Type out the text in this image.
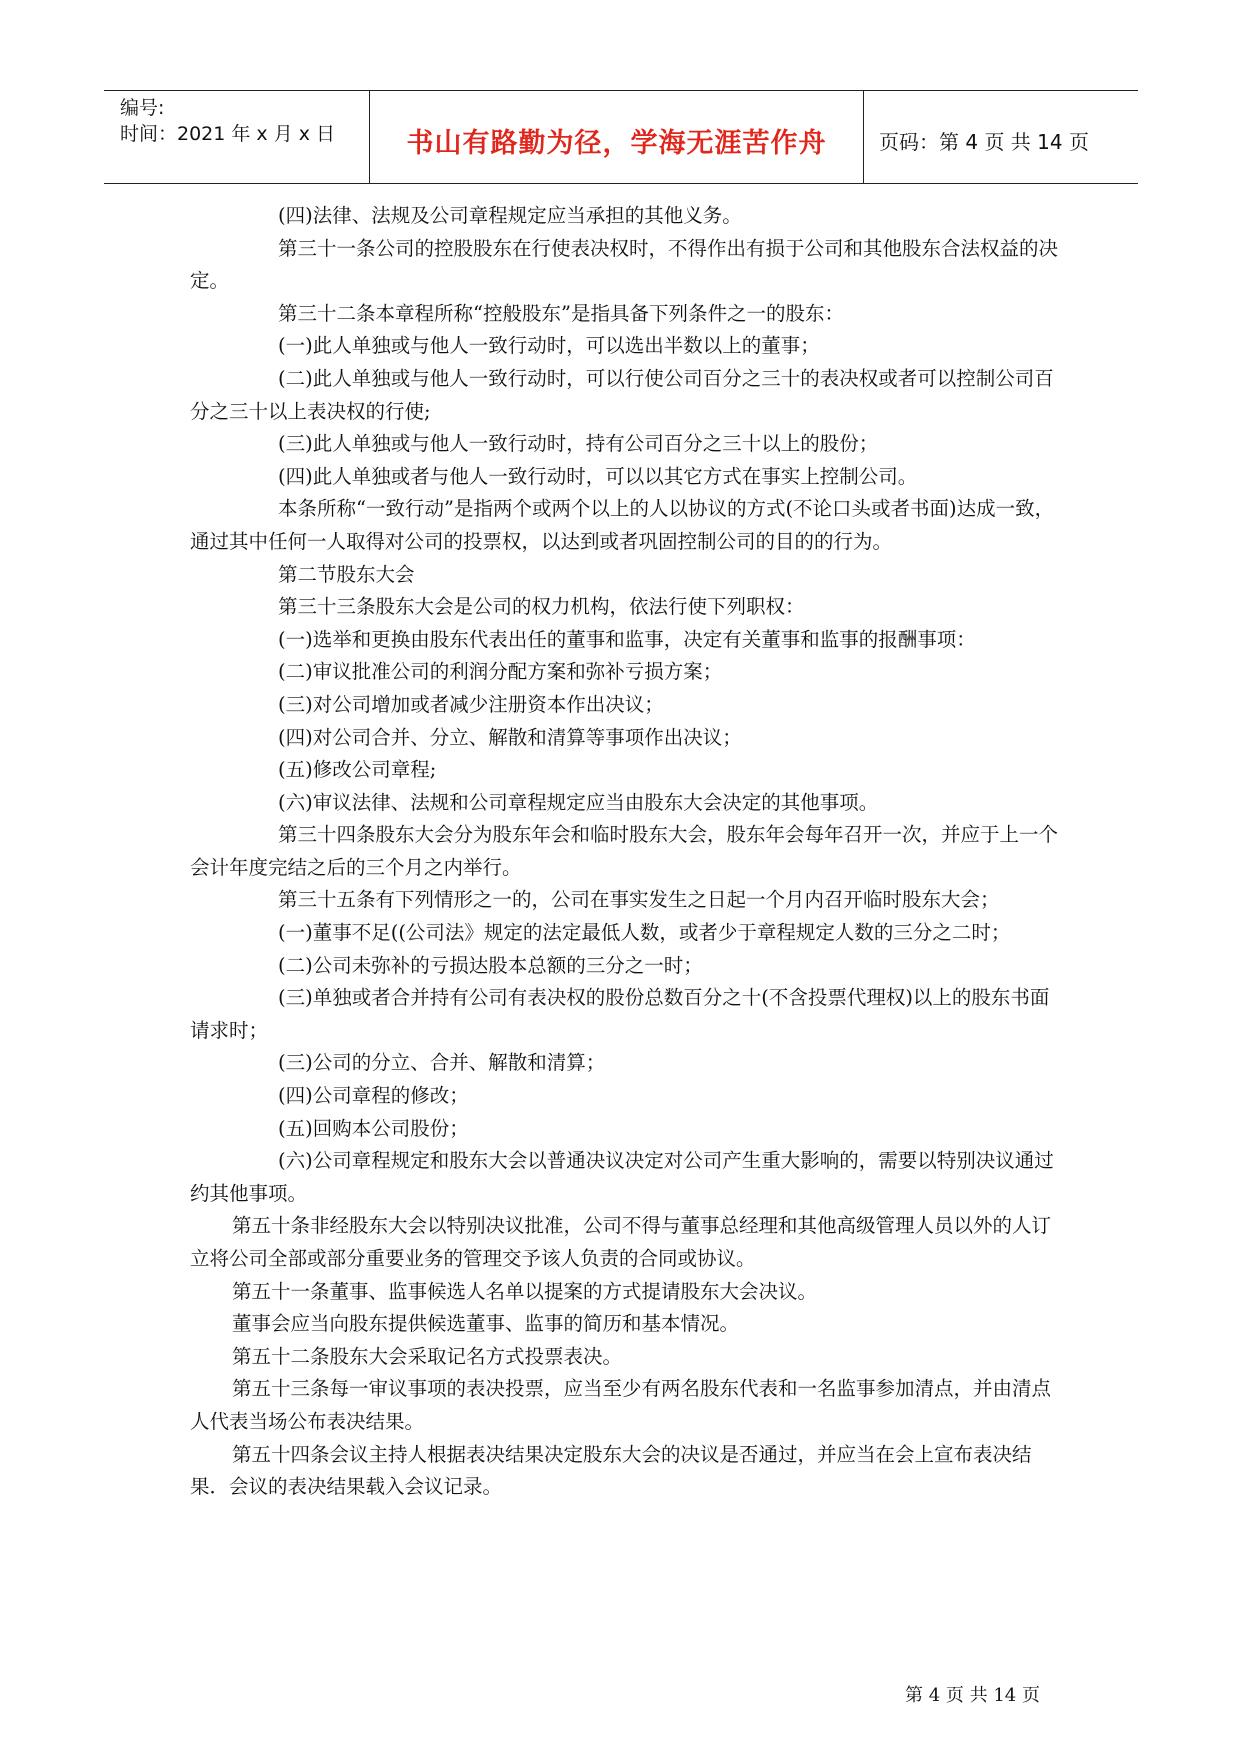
编号:
时间：2021 年 x 月 x 日	书山有路勤为径，学海无涯苦作舟	页码：第 4 页 共 14 页

(四)法律、法规及公司章程规定应当承担的其他义务。

第三十一条公司的控股股东在行使表决权时，不得作出有损于公司和其他股东合法权益的决定。

第三十二条本章程所称“控般股东”是指具备下列条件之一的股东：

(一)此人单独或与他人一致行动时，可以选出半数以上的董事；

(二)此人单独或与他人一致行动时，可以行使公司百分之三十的表决权或者可以控制公司百分之三十以上表决权的行使;

(三)此人单独或与他人一致行动时，持有公司百分之三十以上的股份；

(四)此人单独或者与他人一致行动时，可以以其它方式在事实上控制公司。

本条所称“一致行动”是指两个或两个以上的人以协议的方式(不论口头或者书面)达成一致，通过其中任何一人取得对公司的投票权，以达到或者巩固控制公司的目的的行为。

第二节股东大会

第三十三条股东大会是公司的权力机构，依法行使下列职权：

(一)选举和更换由股东代表出任的董事和监事，决定有关董事和监事的报酬事项：

(二)审议批准公司的利润分配方案和弥补亏损方案；

(三)对公司增加或者减少注册资本作出决议；

(四)对公司合并、分立、解散和清算等事项作出决议；

(五)修改公司章程;

(六)审议法律、法规和公司章程规定应当由股东大会决定的其他事项。

第三十四条股东大会分为股东年会和临时股东大会，股东年会每年召开一次，并应于上一个会计年度完结之后的三个月之内举行。

第三十五条有下列情形之一的，公司在事实发生之日起一个月内召开临时股东大会；

(一)董事不足((公司法》规定的法定最低人数，或者少于章程规定人数的三分之二时；

(二)公司未弥补的亏损达股本总额的三分之一时；

(三)单独或者合并持有公司有表决权的股份总数百分之十(不含投票代理权)以上的股东书面请求时；

(三)公司的分立、合并、解散和清算；

(四)公司章程的修改；

(五)回购本公司股份；

(六)公司章程规定和股东大会以普通决议决定对公司产生重大影响的，需要以特别决议通过约其他事项。

第五十条非经股东大会以特别决议批准，公司不得与董事总经理和其他高级管理人员以外的人订立将公司全部或部分重要业务的管理交予该人负责的合同或协议。

第五十一条董事、监事候选人名单以提案的方式提请股东大会决议。

董事会应当向股东提供候选董事、监事的简历和基本情况。

第五十二条股东大会采取记名方式投票表决。

第五十三条每一审议事项的表决投票，应当至少有两名股东代表和一名监事参加清点，并由清点人代表当场公布表决结果。

第五十四条会议主持人根据表决结果决定股东大会的决议是否通过，并应当在会上宣布表决结果．会议的表决结果载入会议记录。

第 4 页 共 14 页
